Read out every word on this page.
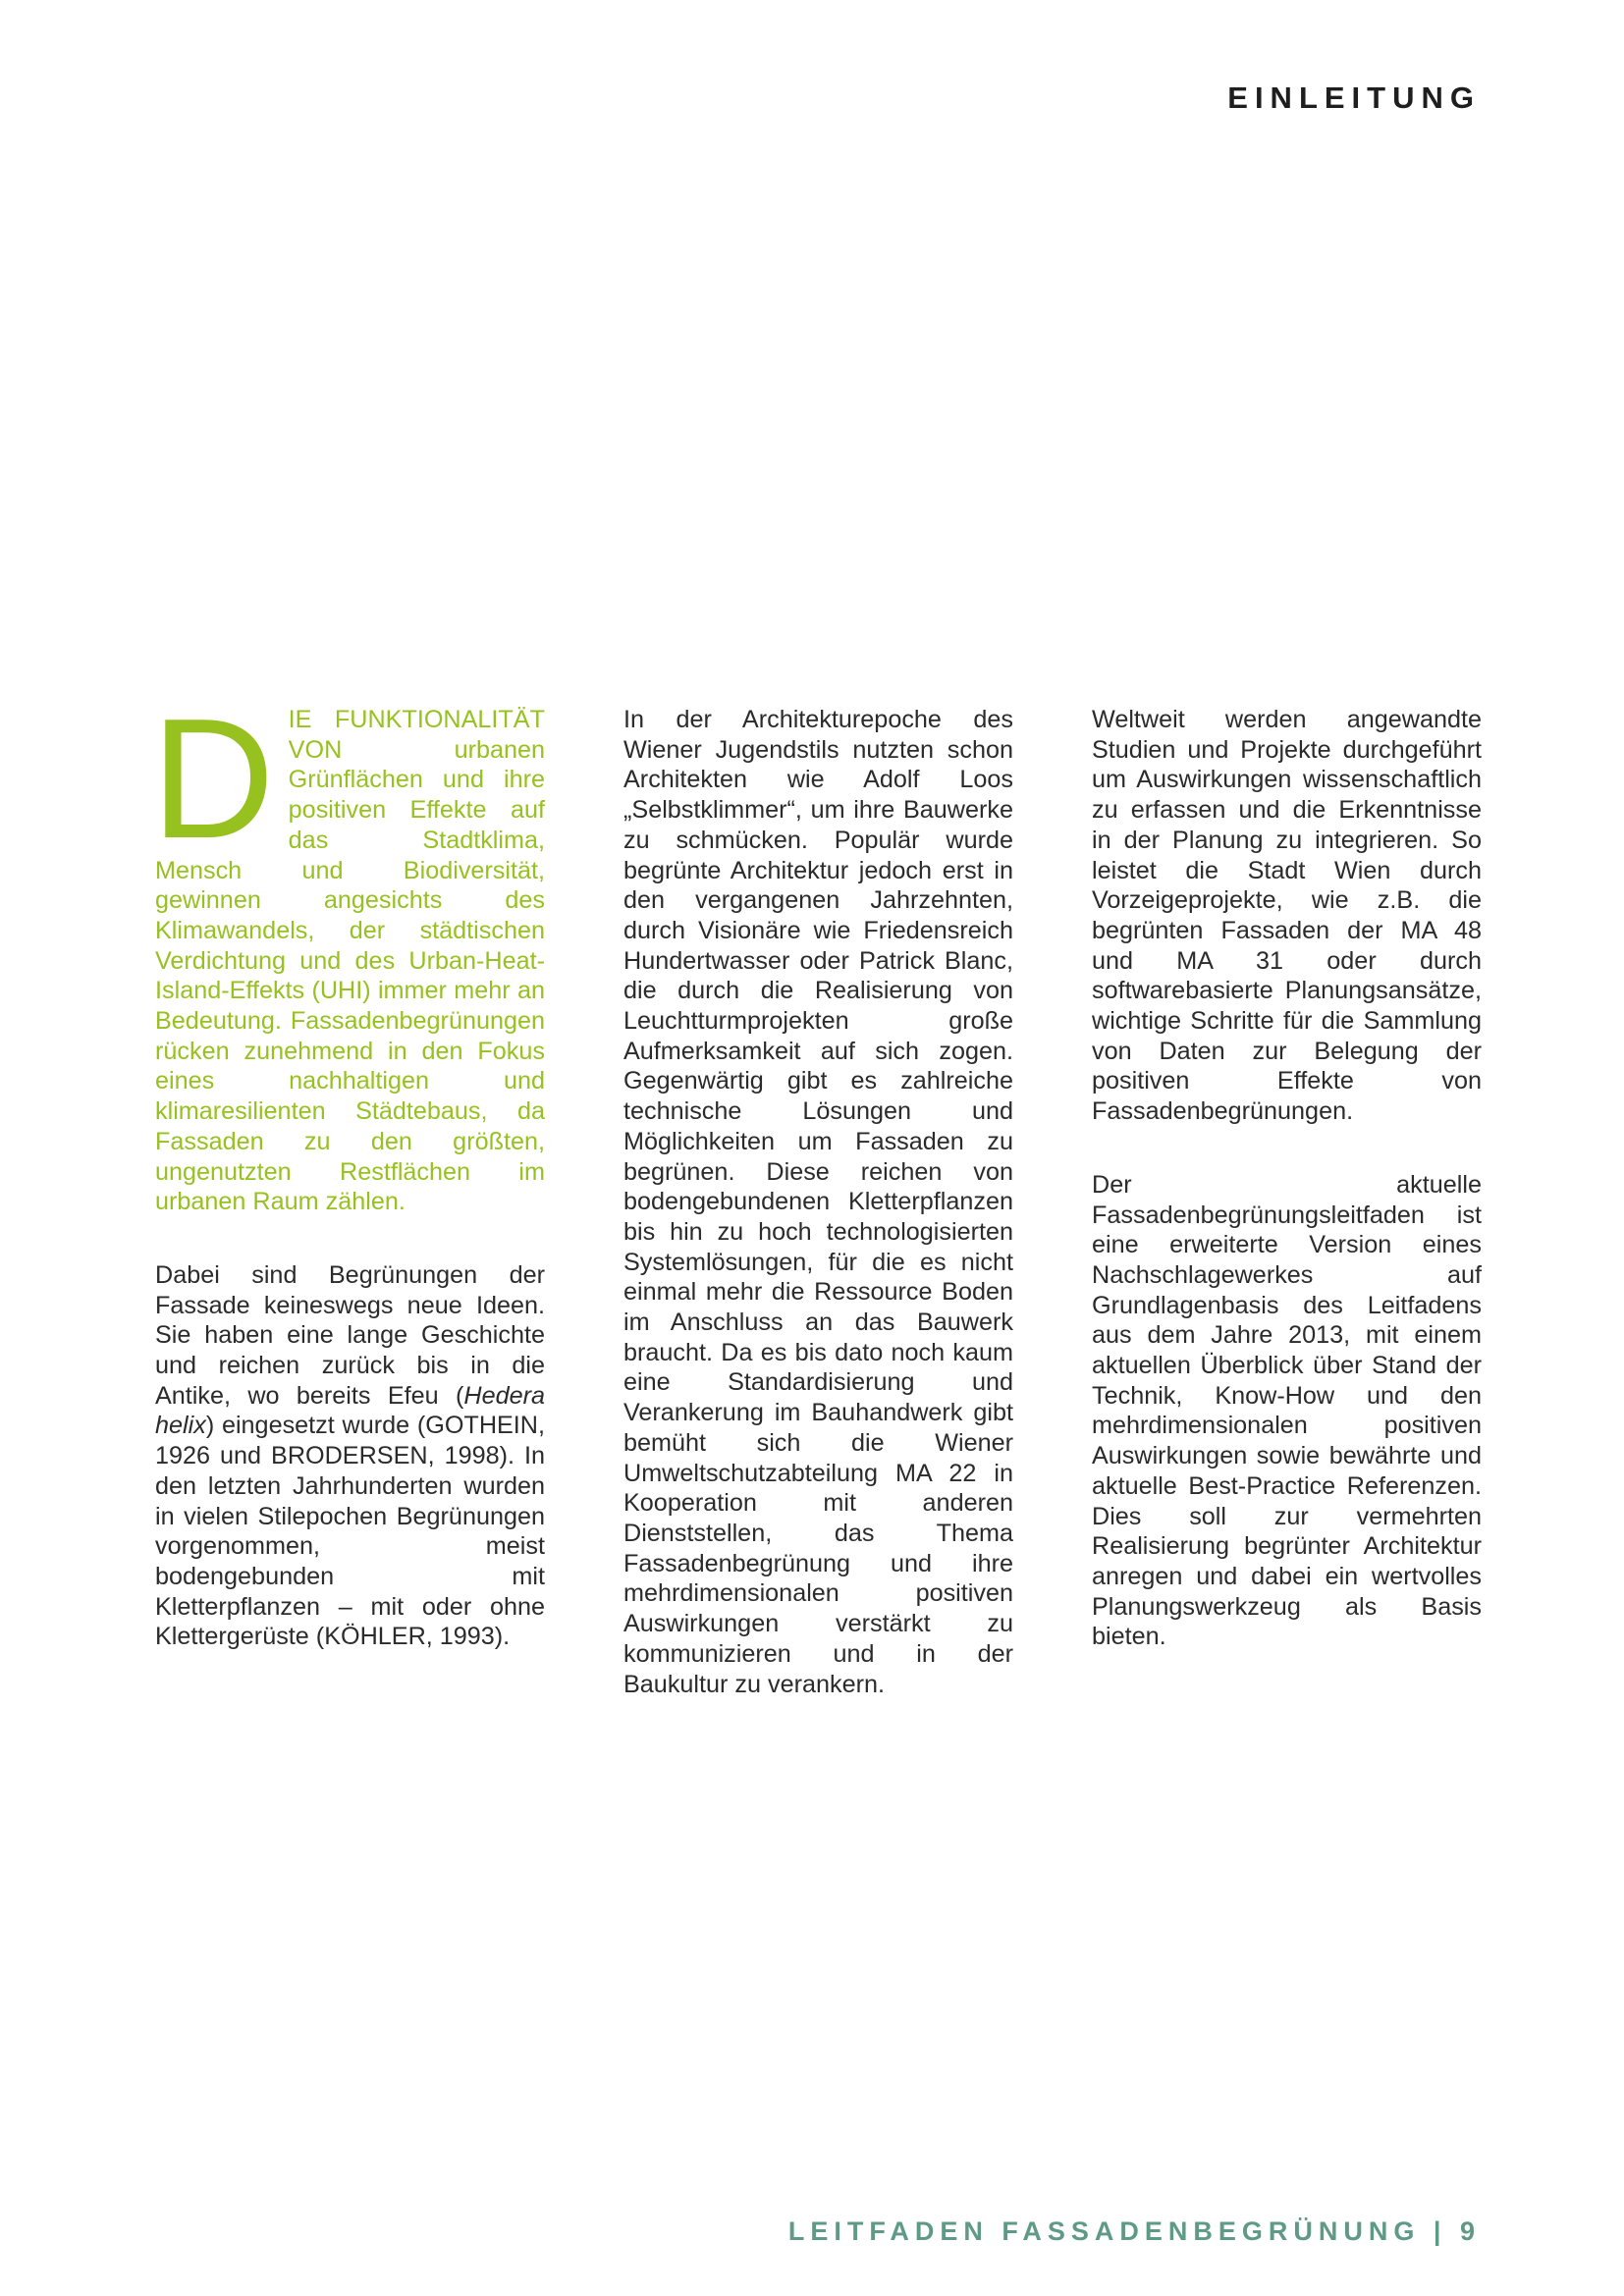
EINLEITUNG

DIE FUNKTIONALITÄT VON urbanen Grünflächen und ihre positiven Effekte auf das Stadtklima, Mensch und Biodiversität, gewinnen angesichts des Klimawandels, der städtischen Verdichtung und des Urban-Heat-Island-Effekts (UHI) immer mehr an Bedeutung. Fassadenbegrünungen rücken zunehmend in den Fokus eines nachhaltigen und klimaresilienten Städtebaus, da Fassaden zu den größten, ungenutzten Restflächen im urbanen Raum zählen.

Dabei sind Begrünungen der Fassade keineswegs neue Ideen. Sie haben eine lange Geschichte und reichen zurück bis in die Antike, wo bereits Efeu (Hedera helix) eingesetzt wurde (GOTHEIN, 1926 und BRODERSEN, 1998). In den letzten Jahrhunderten wurden in vielen Stilepochen Begrünungen vorgenommen, meist bodengebunden mit Kletterpflanzen – mit oder ohne Klettergerüste (KÖHLER, 1993).

In der Architekturepoche des Wiener Jugendstils nutzten schon Architekten wie Adolf Loos „Selbstklimmer“, um ihre Bauwerke zu schmücken. Populär wurde begrünte Architektur jedoch erst in den vergangenen Jahrzehnten, durch Visionäre wie Friedensreich Hundertwasser oder Patrick Blanc, die durch die Realisierung von Leuchtturmprojekten große Aufmerksamkeit auf sich zogen. Gegenwärtig gibt es zahlreiche technische Lösungen und Möglichkeiten um Fassaden zu begrünen. Diese reichen von bodengebundenen Kletterpflanzen bis hin zu hoch technologisierten Systemlösungen, für die es nicht einmal mehr die Ressource Boden im Anschluss an das Bauwerk braucht. Da es bis dato noch kaum eine Standardisierung und Verankerung im Bauhandwerk gibt bemüht sich die Wiener Umweltschutzabteilung MA 22 in Kooperation mit anderen Dienststellen, das Thema Fassadenbegrünung und ihre mehrdimensionalen positiven Auswirkungen verstärkt zu kommunizieren und in der Baukultur zu verankern.

Weltweit werden angewandte Studien und Projekte durchgeführt um Auswirkungen wissenschaftlich zu erfassen und die Erkenntnisse in der Planung zu integrieren. So leistet die Stadt Wien durch Vorzeigeprojekte, wie z.B. die begrünten Fassaden der MA 48 und MA 31 oder durch softwarebasierte Planungsansätze, wichtige Schritte für die Sammlung von Daten zur Belegung der positiven Effekte von Fassadenbegrünungen.

Der aktuelle Fassadenbegrünungsleitfaden ist eine erweiterte Version eines Nachschlagewerkes auf Grundlagenbasis des Leitfadens aus dem Jahre 2013, mit einem aktuellen Überblick über Stand der Technik, Know-How und den mehrdimensionalen positiven Auswirkungen sowie bewährte und aktuelle Best-Practice Referenzen. Dies soll zur vermehrten Realisierung begrünter Architektur anregen und dabei ein wertvolles Planungswerkzeug als Basis bieten.

LEITFADEN FASSADENBEGRÜNUNG | 9
